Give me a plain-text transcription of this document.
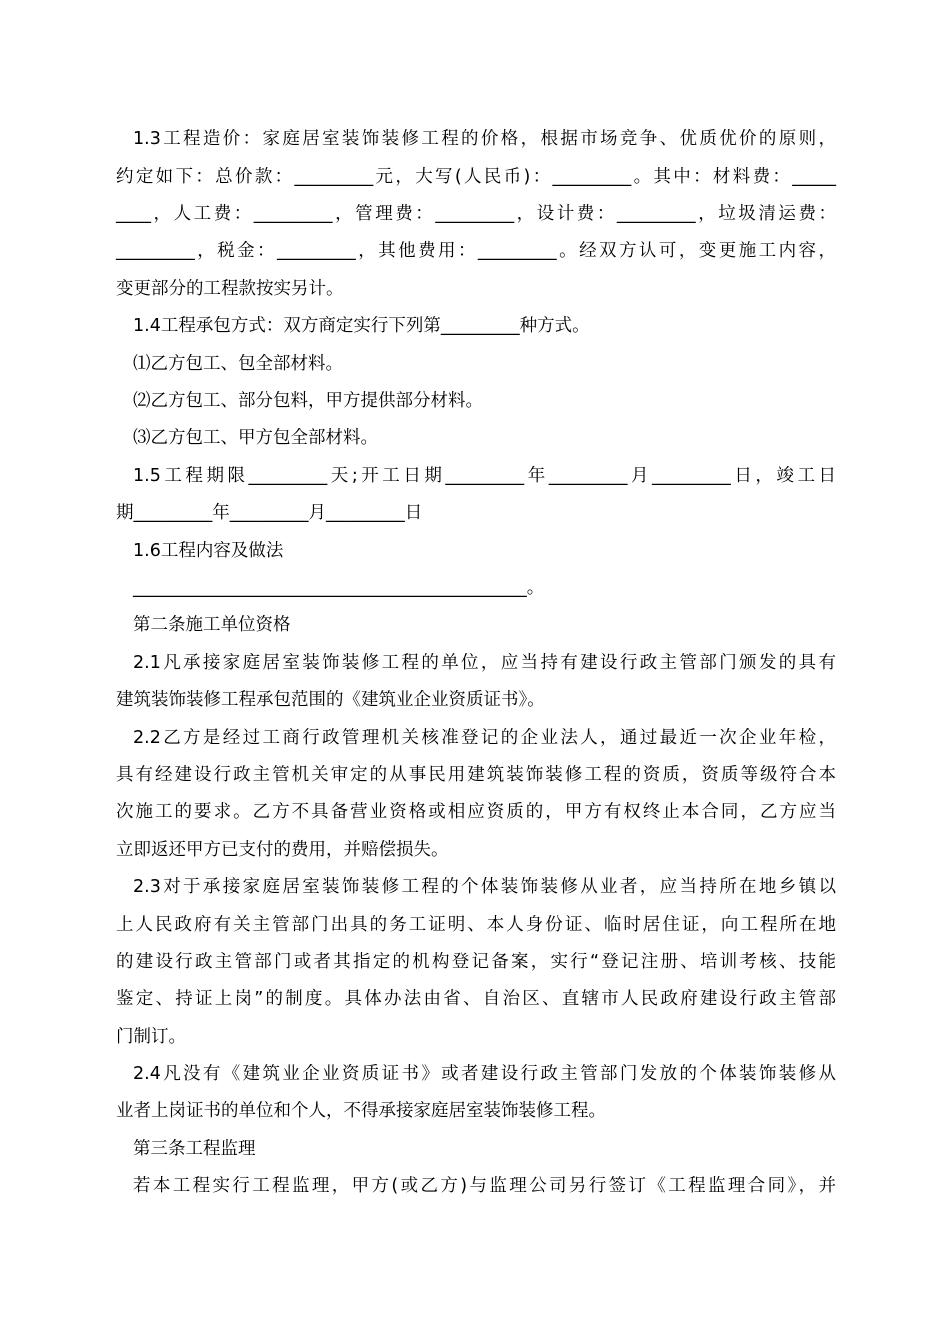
1.3工程造价：家庭居室装饰装修工程的价格，根据市场竞争、优质优价的原则，
约定如下：总价款：_________元，大写(人民币)：_________。其中：材料费：_____
____，人工费：_________，管理费：_________，设计费：_________，垃圾清运费：
_________，税金：_________，其他费用：_________。经双方认可，变更施工内容，
变更部分的工程款按实另计。
1.4工程承包方式：双方商定实行下列第_________种方式。
⑴乙方包工、包全部材料。
⑵乙方包工、部分包料，甲方提供部分材料。
⑶乙方包工、甲方包全部材料。
1.5工程期限_________天;开工日期_________年_________月_________日，竣工日
期_________年_________月_________日
1.6工程内容及做法
_____________________________________________。
第二条施工单位资格
2.1凡承接家庭居室装饰装修工程的单位，应当持有建设行政主管部门颁发的具有
建筑装饰装修工程承包范围的《建筑业企业资质证书》。
2.2乙方是经过工商行政管理机关核准登记的企业法人，通过最近一次企业年检，
具有经建设行政主管机关审定的从事民用建筑装饰装修工程的资质，资质等级符合本
次施工的要求。乙方不具备营业资格或相应资质的，甲方有权终止本合同，乙方应当
立即返还甲方已支付的费用，并赔偿损失。
2.3对于承接家庭居室装饰装修工程的个体装饰装修从业者，应当持所在地乡镇以
上人民政府有关主管部门出具的务工证明、本人身份证、临时居住证，向工程所在地
的建设行政主管部门或者其指定的机构登记备案，实行“登记注册、培训考核、技能
鉴定、持证上岗”的制度。具体办法由省、自治区、直辖市人民政府建设行政主管部
门制订。
2.4凡没有《建筑业企业资质证书》或者建设行政主管部门发放的个体装饰装修从
业者上岗证书的单位和个人，不得承接家庭居室装饰装修工程。
第三条工程监理
若本工程实行工程监理，甲方(或乙方)与监理公司另行签订《工程监理合同》，并
